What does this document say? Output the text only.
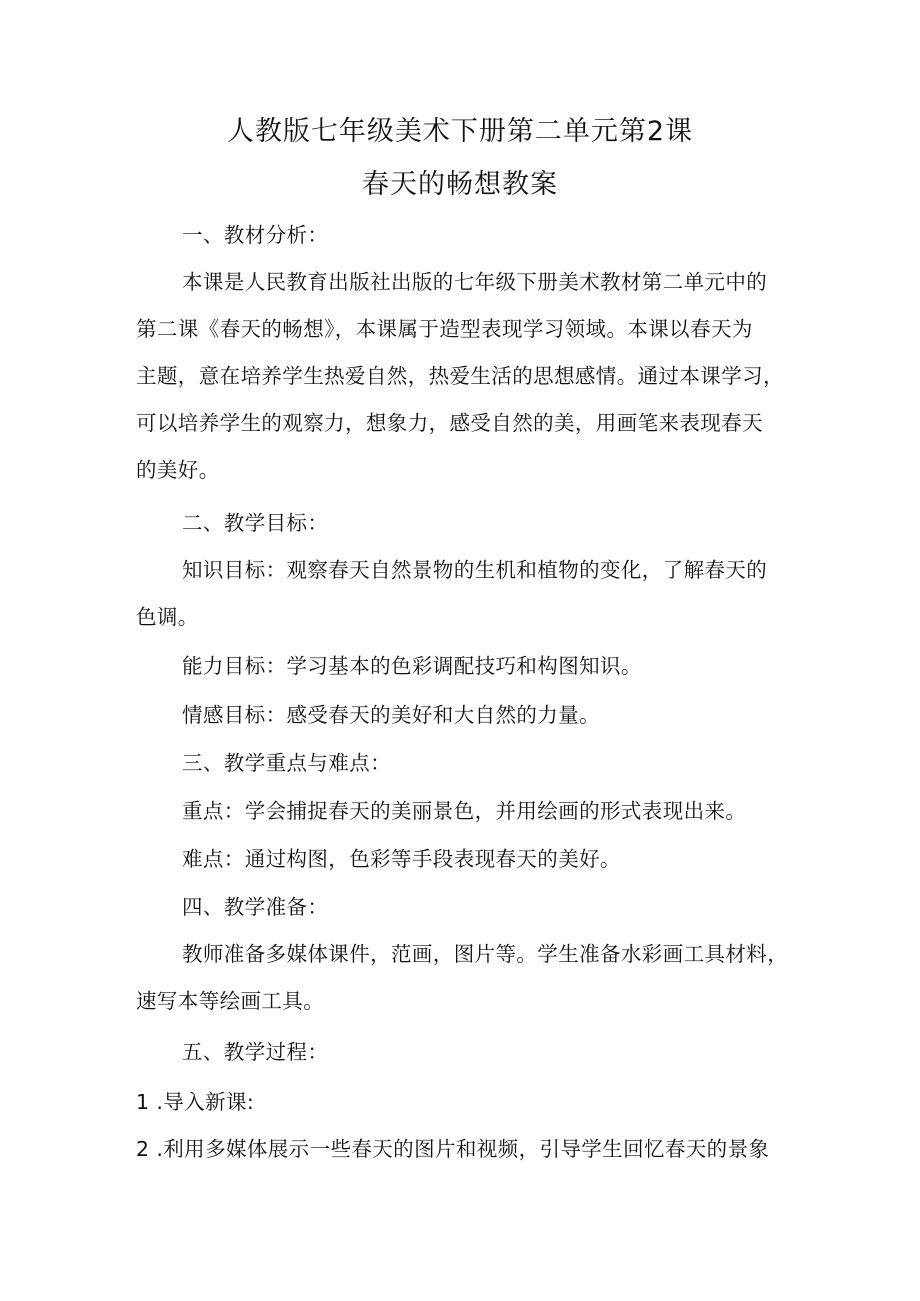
人教版七年级美术下册第二单元第2课
春天的畅想教案
一、教材分析：
本课是人民教育出版社出版的七年级下册美术教材第二单元中的
第二课《春天的畅想》，本课属于造型表现学习领域。本课以春天为
主题，意在培养学生热爱自然，热爱生活的思想感情。通过本课学习，
可以培养学生的观察力，想象力，感受自然的美，用画笔来表现春天
的美好。
二、教学目标：
知识目标：观察春天自然景物的生机和植物的变化，了解春天的
色调。
能力目标：学习基本的色彩调配技巧和构图知识。
情感目标：感受春天的美好和大自然的力量。
三、教学重点与难点：
重点：学会捕捉春天的美丽景色，并用绘画的形式表现出来。
难点：通过构图，色彩等手段表现春天的美好。
四、教学准备：
教师准备多媒体课件，范画，图片等。学生准备水彩画工具材料，
速写本等绘画工具。
五、教学过程：
1 .导入新课:
2 .利用多媒体展示一些春天的图片和视频，引导学生回忆春天的景象
